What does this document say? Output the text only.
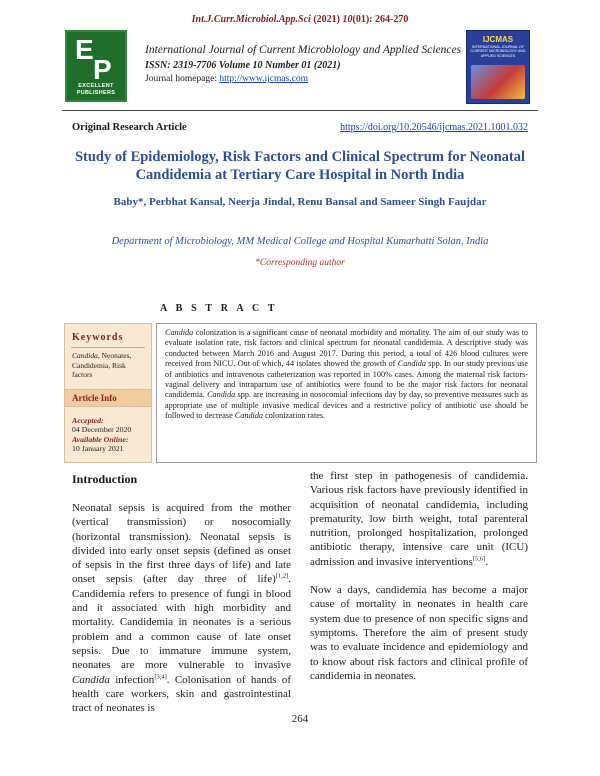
Int.J.Curr.Microbiol.App.Sci (2021) 10(01): 264-270
E
P
EXCELLENT PUBLISHERS
International Journal of Current Microbiology and Applied Sciences
ISSN: 2319-7706 Volume 10 Number 01 (2021)
Journal homepage: http://www.ijcmas.com
IJCMAS
INTERNATIONAL JOURNAL OF CURRENT MICROBIOLOGY AND APPLIED SCIENCES
Original Research Article	https://doi.org/10.20546/ijcmas.2021.1001.032
Study of Epidemiology, Risk Factors and Clinical Spectrum for Neonatal Candidemia at Tertiary Care Hospital in North India
Baby*, Perbhat Kansal, Neerja Jindal, Renu Bansal and Sameer Singh Faujdar
Department of Microbiology, MM Medical College and Hospital Kumarhatti Solan, India
*Corresponding author
A B S T R A C T
Keywords
Candida, Neonates, Candidemia, Risk factors
Article Info
Accepted:
04 December 2020
Available Online:
10 January 2021
Candida colonization is a significant cause of neonatal morbidity and mortality. The aim of our study was to evaluate isolation rate, risk factors and clinical spectrum for neonatal candidemia. A descriptive study was conducted between March 2016 and August 2017. During this period, a total of 426 blood cultures were received from NICU. Out of which, 44 isolates showed the growth of Candida spp. In our study previous use of antibiotics and intravenous catheterization was reported in 100% cases. Among the maternal risk factors- vaginal delivery and intrapartum use of antibiotics were found to be the major risk factors for neonatal candidemia. Candida spp. are increasing in nosocomial infections day by day, so preventive measures such as appropriate use of multiple invasive medical devices and a restrictive policy of antibiotic use should be followed to decrease Candida colonization rates.
Introduction

Neonatal sepsis is acquired from the mother (vertical transmission) or nosocomially (horizontal transmission). Neonatal sepsis is divided into early onset sepsis (defined as onset of sepsis in the first three days of life) and late onset sepsis (after day three of life)[1,2]. Candidemia refers to presence of fungi in blood and it associated with high morbidity and mortality. Candidemia in neonates is a serious problem and a common cause of late onset sepsis. Due to immature immune system, neonates are more vulnerable to invasive Candida infection[3,4]. Colonisation of hands of health care workers, skin and gastrointestinal tract of neonates is

the first step in pathogenesis of candidemia. Various risk factors have previously identified in acquisition of neonatal candidemia, including prematurity, low birth weight, total parenteral nutrition, prolonged hospitalization, prolonged antibiotic therapy, intensive care unit (ICU) admission and invasive interventions[5,6].

Now a days, candidemia has become a major cause of mortality in neonates in health care system due to presence of non specific signs and symptoms. Therefore the aim of present study was to evaluate incidence and epidemiology and to know about risk factors and clinical profile of candidemia in neonates.

264
